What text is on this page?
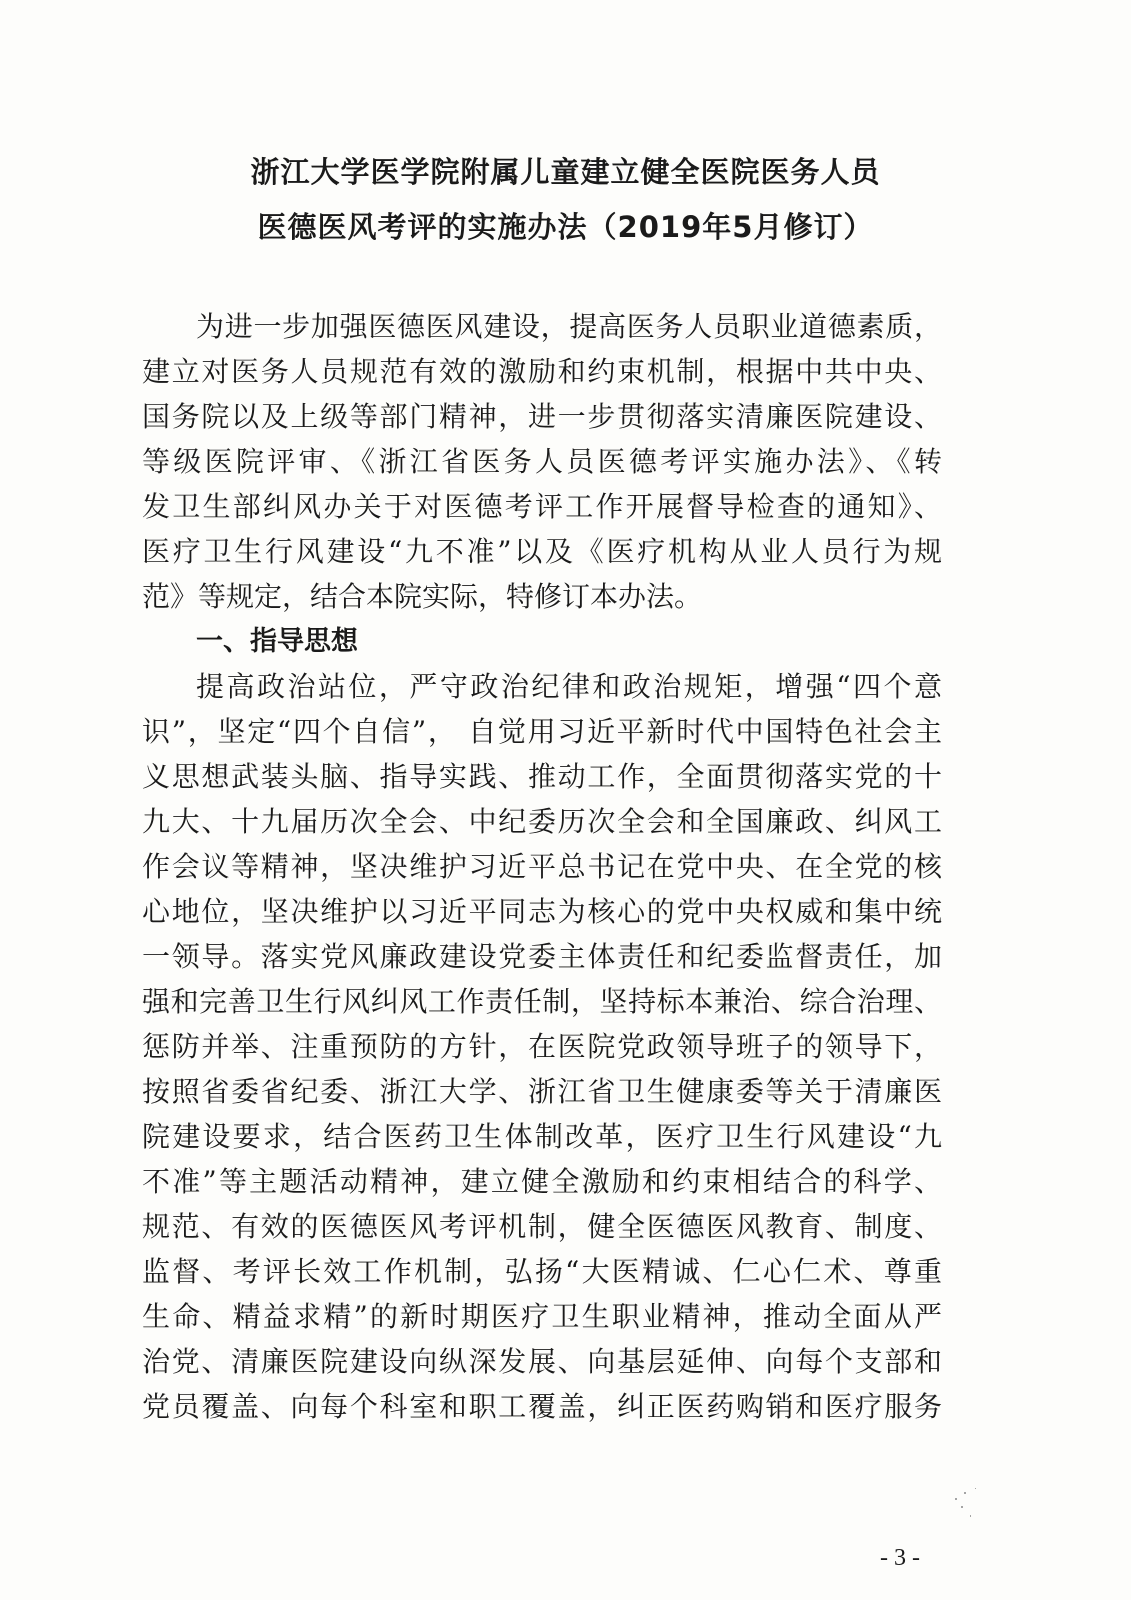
浙江大学医学院附属儿童建立健全医院医务人员
医德医风考评的实施办法（2019年5月修订）
为进一步加强医德医风建设，提高医务人员职业道德素质，
建立对医务人员规范有效的激励和约束机制，根据中共中央、
国务院以及上级等部门精神，进一步贯彻落实清廉医院建设、
等级医院评审、《浙江省医务人员医德考评实施办法》、《转
发卫生部纠风办关于对医德考评工作开展督导检查的通知》、
医疗卫生行风建设“九不准”以及《医疗机构从业人员行为规
范》等规定，结合本院实际，特修订本办法。
一、指导思想
提高政治站位，严守政治纪律和政治规矩，增强“四个意
识”，坚定“四个自信”， 自觉用习近平新时代中国特色社会主
义思想武装头脑、指导实践、推动工作，全面贯彻落实党的十
九大、十九届历次全会、中纪委历次全会和全国廉政、纠风工
作会议等精神，坚决维护习近平总书记在党中央、在全党的核
心地位，坚决维护以习近平同志为核心的党中央权威和集中统
一领导。落实党风廉政建设党委主体责任和纪委监督责任，加
强和完善卫生行风纠风工作责任制，坚持标本兼治、综合治理、
惩防并举、注重预防的方针，在医院党政领导班子的领导下，
按照省委省纪委、浙江大学、浙江省卫生健康委等关于清廉医
院建设要求，结合医药卫生体制改革，医疗卫生行风建设“九
不准”等主题活动精神，建立健全激励和约束相结合的科学、
规范、有效的医德医风考评机制，健全医德医风教育、制度、
监督、考评长效工作机制，弘扬“大医精诚、仁心仁术、尊重
生命、精益求精”的新时期医疗卫生职业精神，推动全面从严
治党、清廉医院建设向纵深发展、向基层延伸、向每个支部和
党员覆盖、向每个科室和职工覆盖，纠正医药购销和医疗服务
- 3 -
